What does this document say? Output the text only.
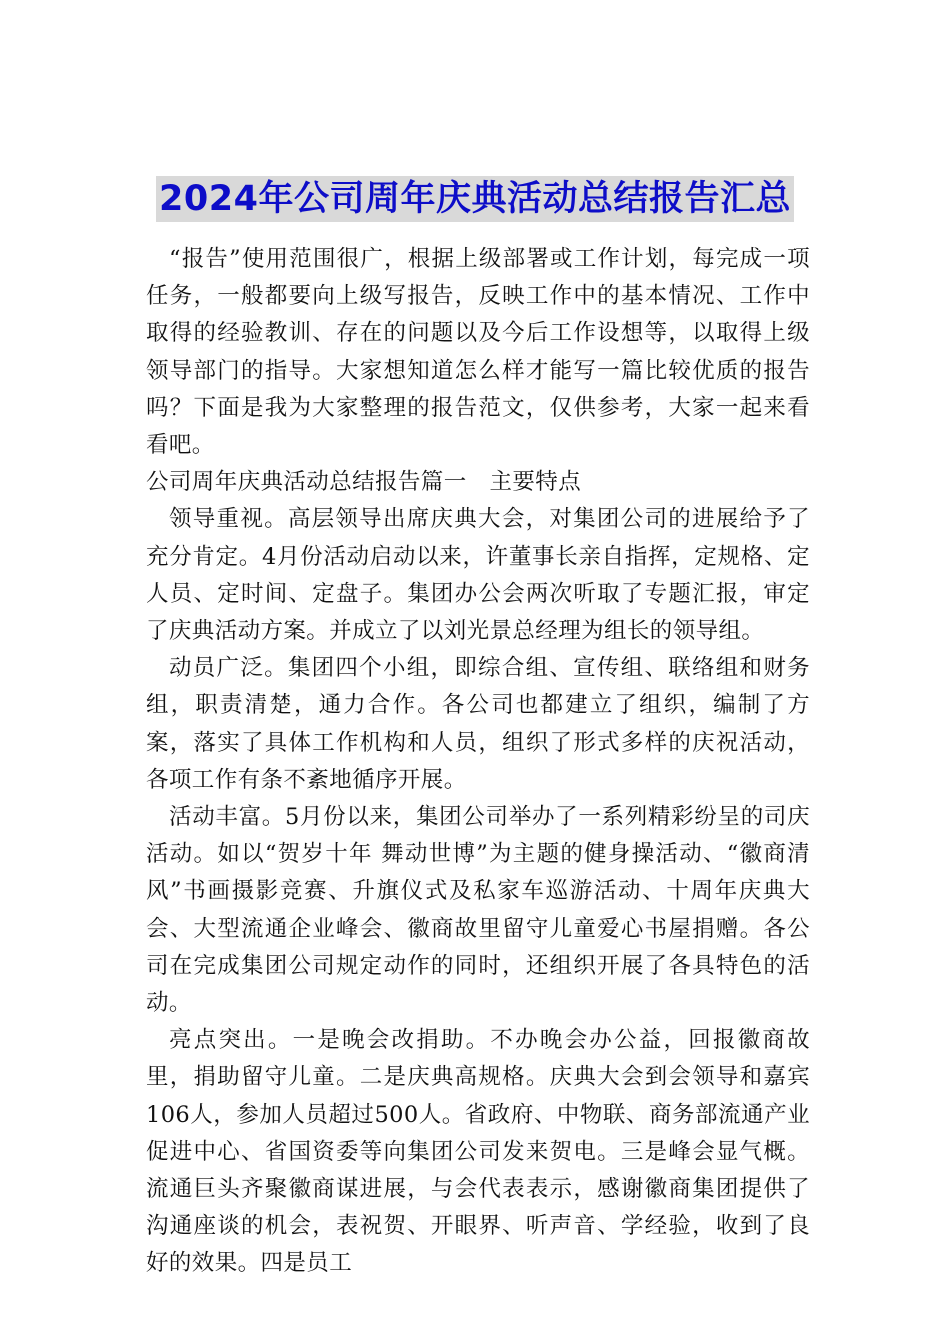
2024年公司周年庆典活动总结报告汇总

“报告”使用范围很广，根据上级部署或工作计划，每完成一项任务，一般都要向上级写报告，反映工作中的基本情况、工作中取得的经验教训、存在的问题以及今后工作设想等，以取得上级领导部门的指导。大家想知道怎么样才能写一篇比较优质的报告吗？下面是我为大家整理的报告范文，仅供参考，大家一起来看看吧。

公司周年庆典活动总结报告篇一　主要特点

领导重视。高层领导出席庆典大会，对集团公司的进展给予了充分肯定。4月份活动启动以来，许董事长亲自指挥，定规格、定人员、定时间、定盘子。集团办公会两次听取了专题汇报，审定了庆典活动方案。并成立了以刘光景总经理为组长的领导组。

动员广泛。集团四个小组，即综合组、宣传组、联络组和财务组，职责清楚，通力合作。各公司也都建立了组织，编制了方案，落实了具体工作机构和人员，组织了形式多样的庆祝活动，各项工作有条不紊地循序开展。

活动丰富。5月份以来，集团公司举办了一系列精彩纷呈的司庆活动。如以“贺岁十年 舞动世博”为主题的健身操活动、“徽商清风”书画摄影竞赛、升旗仪式及私家车巡游活动、十周年庆典大会、大型流通企业峰会、徽商故里留守儿童爱心书屋捐赠。各公司在完成集团公司规定动作的同时，还组织开展了各具特色的活动。

亮点突出。一是晚会改捐助。不办晚会办公益，回报徽商故里，捐助留守儿童。二是庆典高规格。庆典大会到会领导和嘉宾106人，参加人员超过500人。省政府、中物联、商务部流通产业促进中心、省国资委等向集团公司发来贺电。三是峰会显气概。流通巨头齐聚徽商谋进展，与会代表表示，感谢徽商集团提供了沟通座谈的机会，表祝贺、开眼界、听声音、学经验，收到了良好的效果。四是员工
